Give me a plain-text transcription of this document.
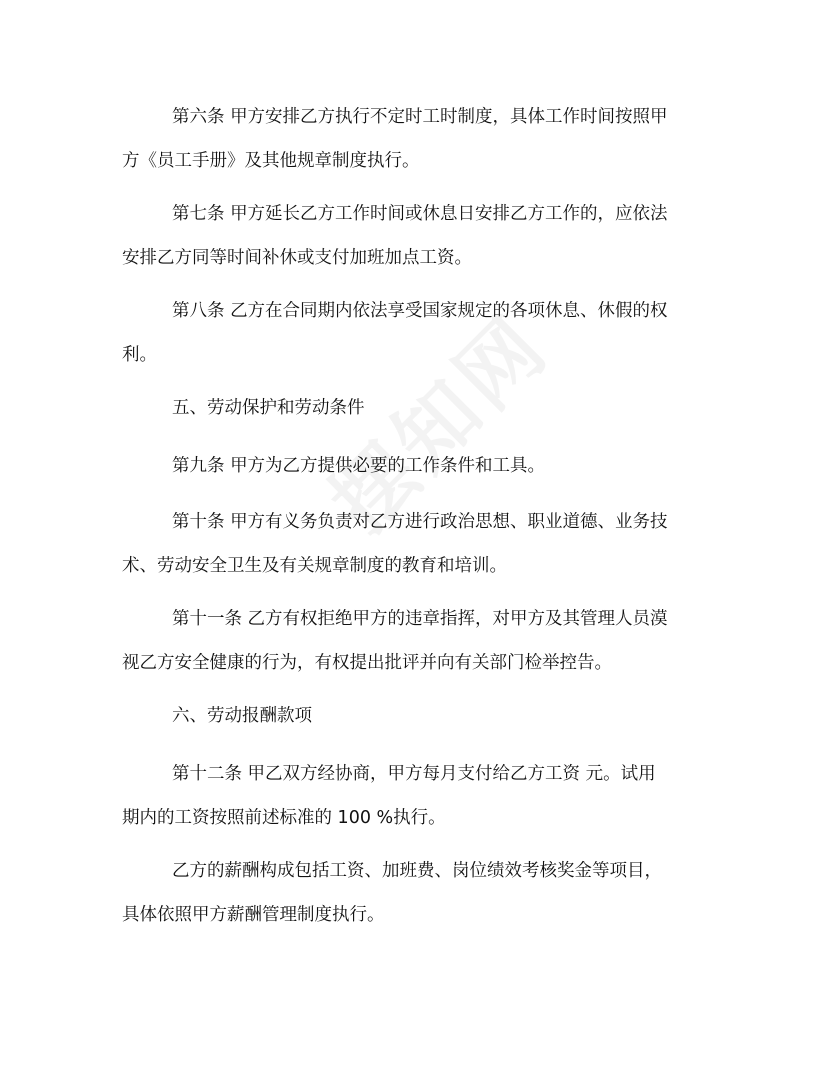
第六条 甲方安排乙方执行不定时工时制度，具体工作时间按照甲
方《员工手册》及其他规章制度执行。

第七条 甲方延长乙方工作时间或休息日安排乙方工作的，应依法
安排乙方同等时间补休或支付加班加点工资。

第八条 乙方在合同期内依法享受国家规定的各项休息、休假的权
利。

五、劳动保护和劳动条件

第九条 甲方为乙方提供必要的工作条件和工具。

第十条 甲方有义务负责对乙方进行政治思想、职业道德、业务技
术、劳动安全卫生及有关规章制度的教育和培训。

第十一条 乙方有权拒绝甲方的违章指挥，对甲方及其管理人员漠
视乙方安全健康的行为，有权提出批评并向有关部门检举控告。

六、劳动报酬款项

第十二条 甲乙双方经协商，甲方每月支付给乙方工资 元。试用
期内的工资按照前述标准的 100 %执行。

乙方的薪酬构成包括工资、加班费、岗位绩效考核奖金等项目，
具体依照甲方薪酬管理制度执行。
